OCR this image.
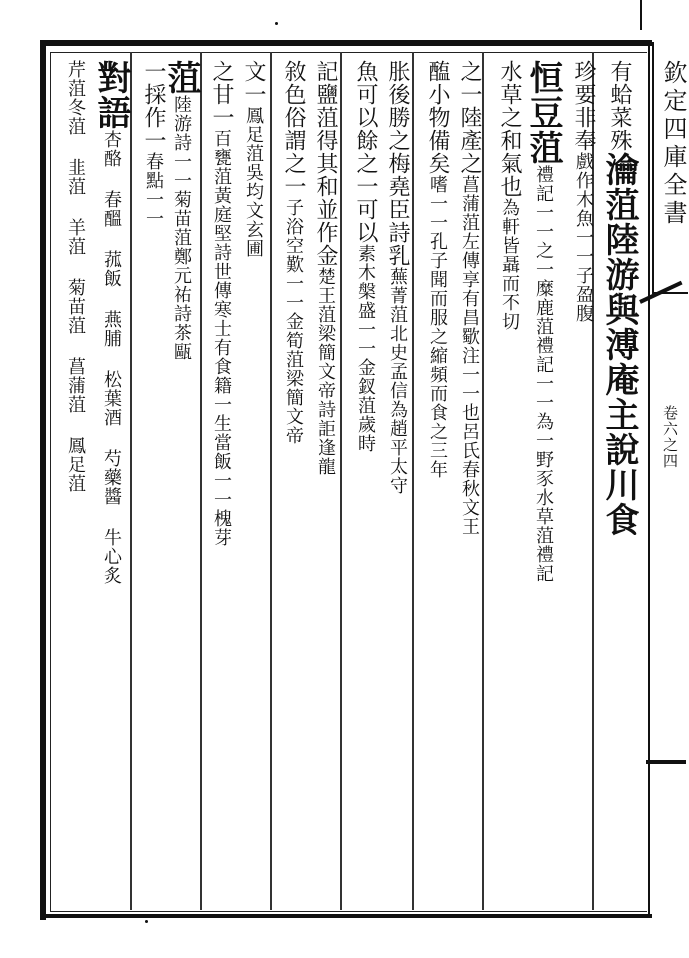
欽定四庫全書
卷六之四
有蛤菜殊瀹菹陸游與溥庵主說川食
珍要非奉戲作木魚一一子盈腹
恒豆菹禮記一一之一糜鹿菹禮記一一為一野豕水草菹禮記
水草之和氣也為軒皆聶而不切
之一陸產之菖蒲菹左傳享有昌歜注一一也呂氏春秋文王
醢小物備矣嗜一一孔子聞而服之縮頻而食之三年
胀後勝之梅堯臣詩乳蕪菁菹北史孟信為趙平太守
魚可以餘之一可以素木槃盛一一金釵菹歲時
記鹽菹得其和並作金楚王菹梁簡文帝詩詎逢龍
敘色俗謂之一子浴空歎一一金筍菹梁簡文帝
文一鳳足菹吳均文玄圃
之甘一百甕菹黃庭堅詩世傳寒士有食籍一生當飯一一槐芽
菹陸游詩一一菊苗菹鄭元祐詩茶甌
一採作一春點一一
對語杏酪 春醞 菰飯 燕脯 松葉酒 芍藥醬 牛心炙
芹菹冬菹 韭菹 羊菹 菊苗菹 菖蒲菹 鳳足菹
